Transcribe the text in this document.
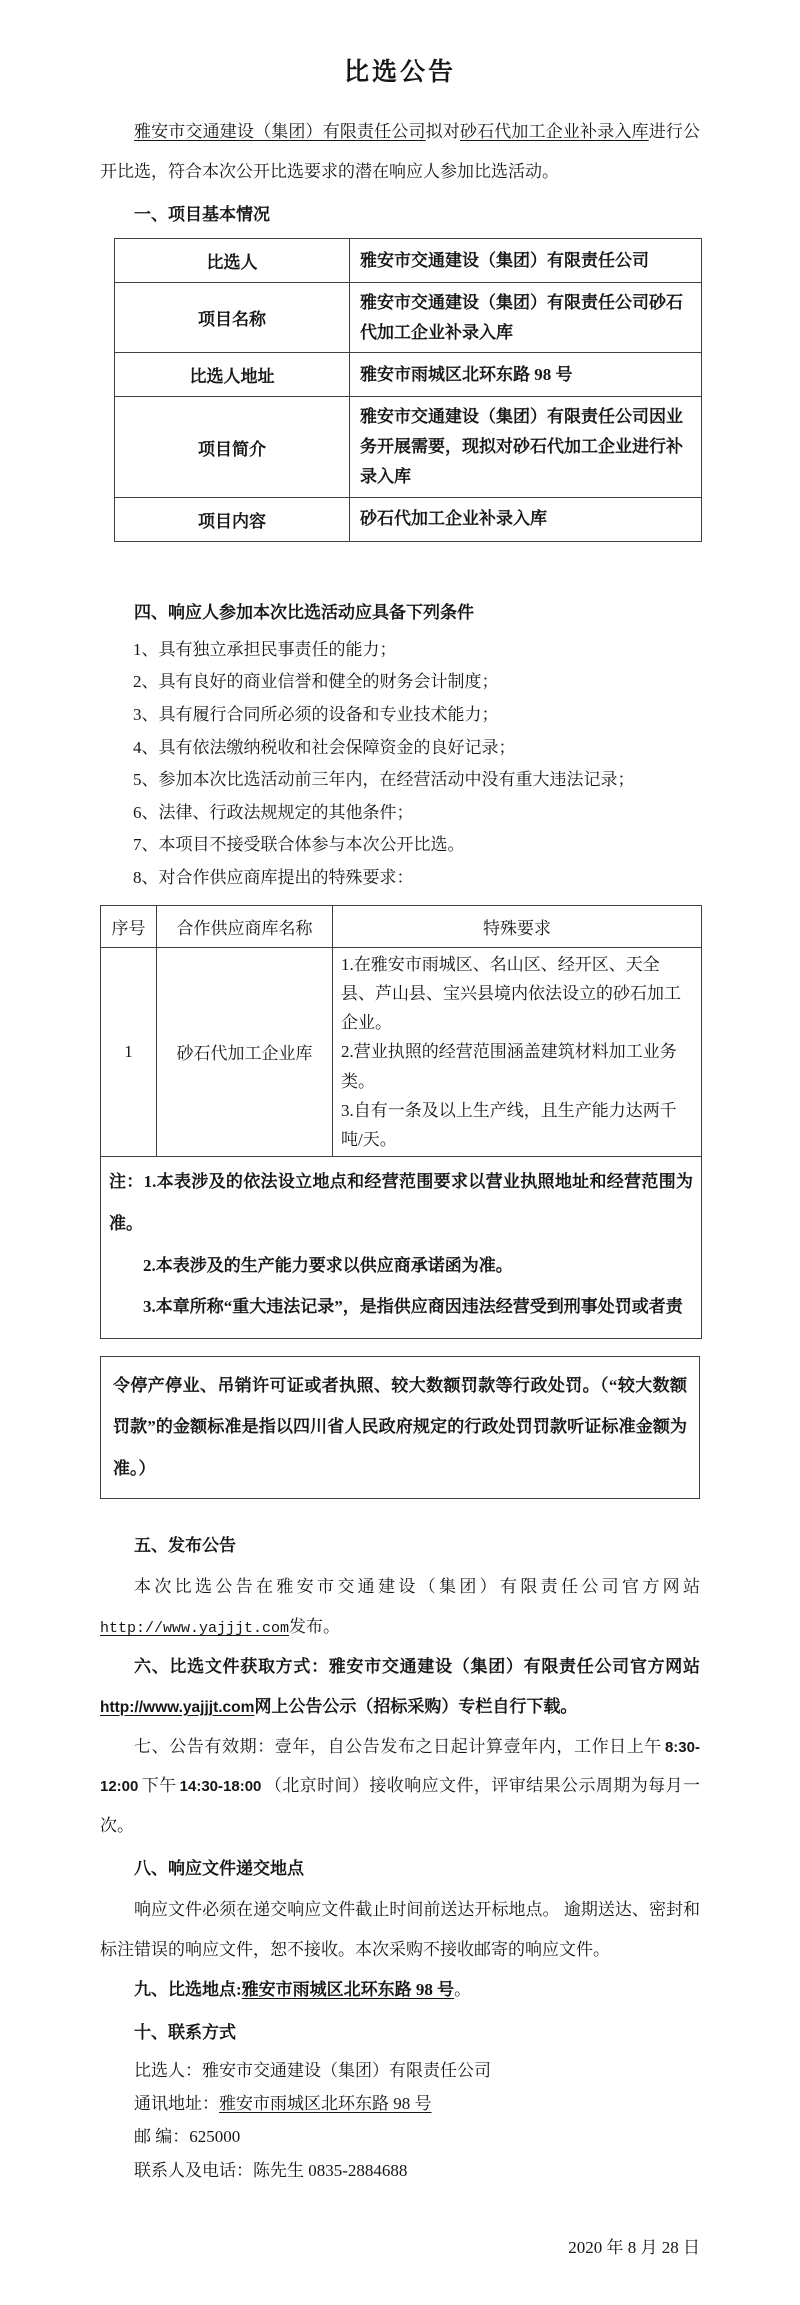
比选公告

雅安市交通建设（集团）有限责任公司拟对砂石代加工企业补录入库进行公开比选，符合本次公开比选要求的潜在响应人参加比选活动。

一、项目基本情况
比选人	雅安市交通建设（集团）有限责任公司
项目名称	雅安市交通建设（集团）有限责任公司砂石代加工企业补录入库
比选人地址	雅安市雨城区北环东路 98 号
项目简介	雅安市交通建设（集团）有限责任公司因业务开展需要，现拟对砂石代加工企业进行补录入库
项目内容	砂石代加工企业补录入库
四、响应人参加本次比选活动应具备下列条件
1、具有独立承担民事责任的能力；
2、具有良好的商业信誉和健全的财务会计制度；
3、具有履行合同所必须的设备和专业技术能力；
4、具有依法缴纳税收和社会保障资金的良好记录；
5、参加本次比选活动前三年内，在经营活动中没有重大违法记录；
6、法律、行政法规规定的其他条件；
7、本项目不接受联合体参与本次公开比选。
8、对合作供应商库提出的特殊要求：
序号	合作供应商库名称	特殊要求
1	砂石代加工企业库	1.在雅安市雨城区、名山区、经开区、天全县、芦山县、宝兴县境内依法设立的砂石加工企业。
2.营业执照的经营范围涵盖建筑材料加工业务类。
3.自有一条及以上生产线，且生产能力达两千吨/天。

注：1.本表涉及的依法设立地点和经营范围要求以营业执照地址和经营范围为准。

2.本表涉及的生产能力要求以供应商承诺函为准。

3.本章所称“重大违法记录”，是指供应商因违法经营受到刑事处罚或者责		

令停产停业、吊销许可证或者执照、较大数额罚款等行政处罚。（“较大数额罚款”的金额标准是指以四川省人民政府规定的行政处罚罚款听证标准金额为准。）
五、发布公告

本次比选公告在雅安市交通建设（集团）有限责任公司官方网站http://www.yajjjt.com发布。

六、比选文件获取方式：雅安市交通建设（集团）有限责任公司官方网站http://www.yajjjt.com网上公告公示（招标采购）专栏自行下载。

七、公告有效期：壹年，自公告发布之日起计算壹年内，工作日上午 8:30-12:00 下午 14:30-18:00 （北京时间）接收响应文件，评审结果公示周期为每月一次。

八、响应文件递交地点

响应文件必须在递交响应文件截止时间前送达开标地点。 逾期送达、密封和标注错误的响应文件，恕不接收。本次采购不接收邮寄的响应文件。

九、比选地点:雅安市雨城区北环东路 98 号。

十、联系方式

比选人：雅安市交通建设（集团）有限责任公司

通讯地址：雅安市雨城区北环东路 98 号

邮 编：625000

联系人及电话：陈先生 0835-2884688

2020 年 8 月 28 日
